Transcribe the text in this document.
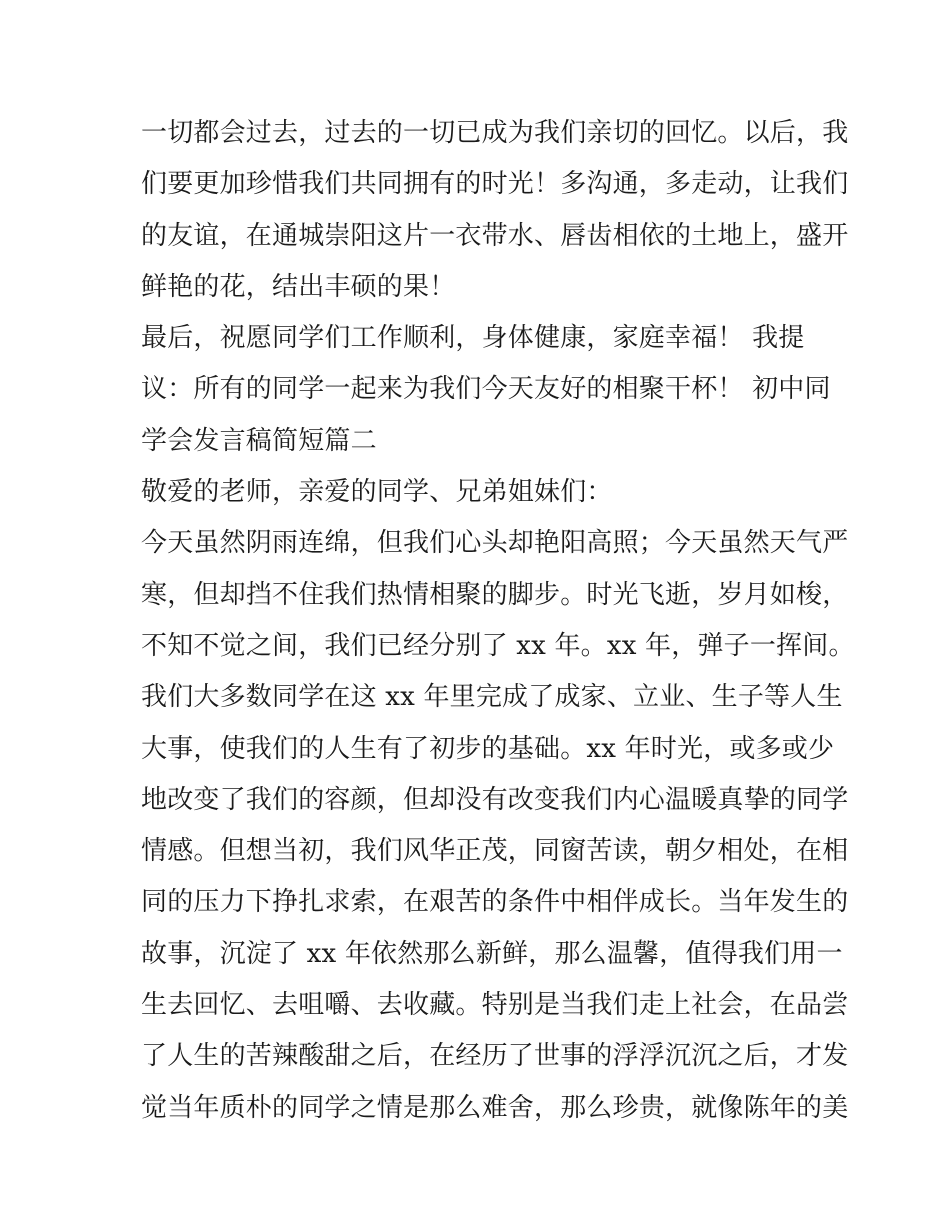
一切都会过去，过去的一切已成为我们亲切的回忆。以后，我
们要更加珍惜我们共同拥有的时光！多沟通，多走动，让我们
的友谊，在通城崇阳这片一衣带水、唇齿相依的土地上，盛开
鲜艳的花，结出丰硕的果！
最后，祝愿同学们工作顺利，身体健康，家庭幸福！ 我提
议：所有的同学一起来为我们今天友好的相聚干杯！ 初中同
学会发言稿简短篇二
敬爱的老师，亲爱的同学、兄弟姐妹们：
今天虽然阴雨连绵，但我们心头却艳阳高照；今天虽然天气严
寒，但却挡不住我们热情相聚的脚步。时光飞逝，岁月如梭，
不知不觉之间，我们已经分别了 xx 年。xx 年，弹子一挥间。
我们大多数同学在这 xx 年里完成了成家、立业、生子等人生
大事，使我们的人生有了初步的基础。xx 年时光，或多或少
地改变了我们的容颜，但却没有改变我们内心温暖真挚的同学
情感。但想当初，我们风华正茂，同窗苦读，朝夕相处，在相
同的压力下挣扎求索，在艰苦的条件中相伴成长。当年发生的
故事，沉淀了 xx 年依然那么新鲜，那么温馨，值得我们用一
生去回忆、去咀嚼、去收藏。特别是当我们走上社会，在品尝
了人生的苦辣酸甜之后，在经历了世事的浮浮沉沉之后，才发
觉当年质朴的同学之情是那么难舍，那么珍贵，就像陈年的美
